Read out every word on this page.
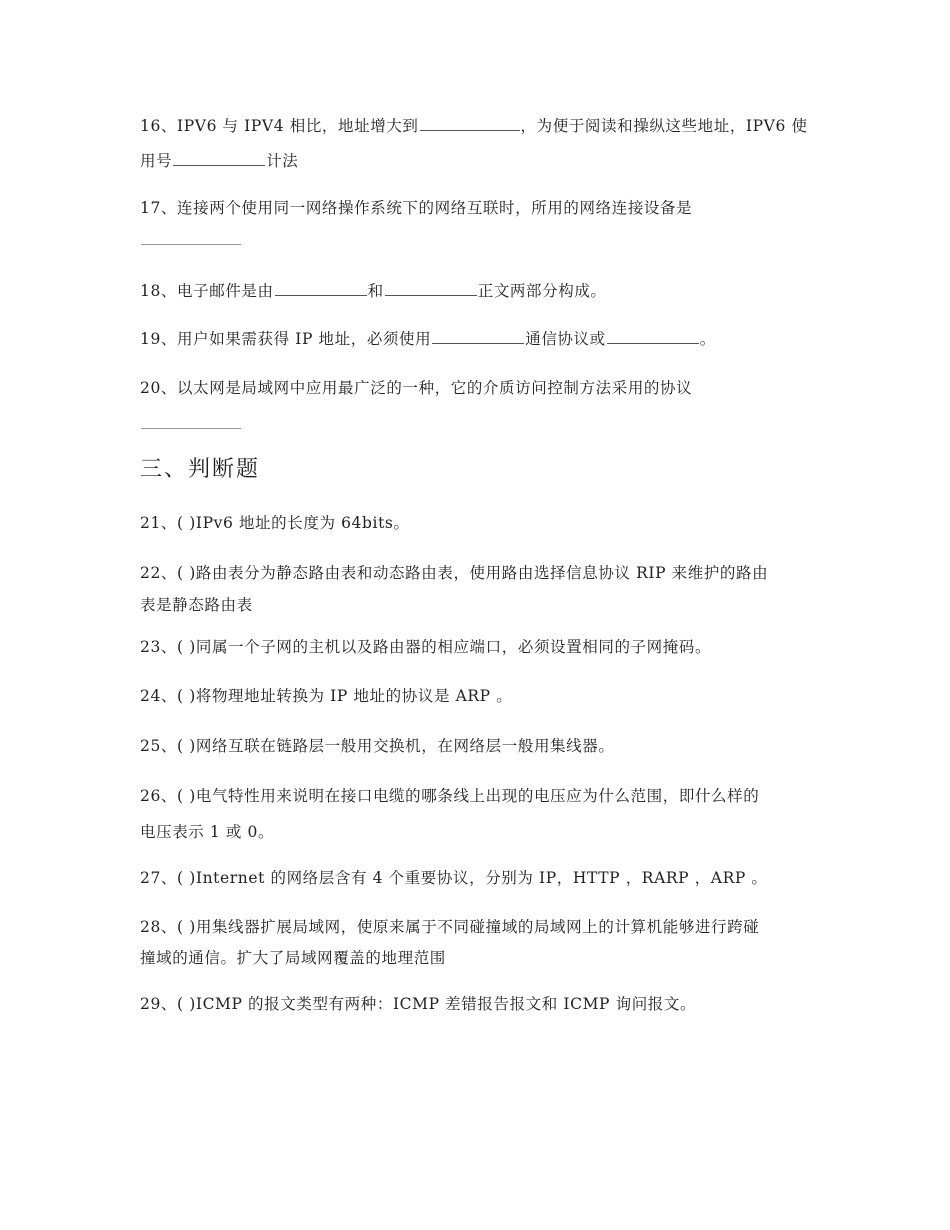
16、IPV6 与 IPV4 相比，地址增大到	，为便于阅读和操纵这些地址，IPV6 使
用号	计法
17、连接两个使用同一网络操作系统下的网络互联时，所用的网络连接设备是
18、电子邮件是由	和	正文两部分构成。
19、用户如果需获得 IP 地址，必须使用	通信协议或	。
20、以太网是局域网中应用最广泛的一种，它的介质访问控制方法采用的协议
三、判断题
21、( )IPv6 地址的长度为 64bits。
22、( )路由表分为静态路由表和动态路由表，使用路由选择信息协议 RIP 来维护的路由
表是静态路由表
23、( )同属一个子网的主机以及路由器的相应端口，必须设置相同的子网掩码。
24、( )将物理地址转换为 IP 地址的协议是 ARP 。
25、( )网络互联在链路层一般用交换机，在网络层一般用集线器。
26、( )电气特性用来说明在接口电缆的哪条线上出现的电压应为什么范围，即什么样的
电压表示 1 或 0。
27、( )Internet 的网络层含有 4 个重要协议，分别为 IP，HTTP ，RARP ，ARP 。
28、( )用集线器扩展局域网，使原来属于不同碰撞域的局域网上的计算机能够进行跨碰
撞域的通信。扩大了局域网覆盖的地理范围
29、( )ICMP 的报文类型有两种：ICMP 差错报告报文和 ICMP 询问报文。
